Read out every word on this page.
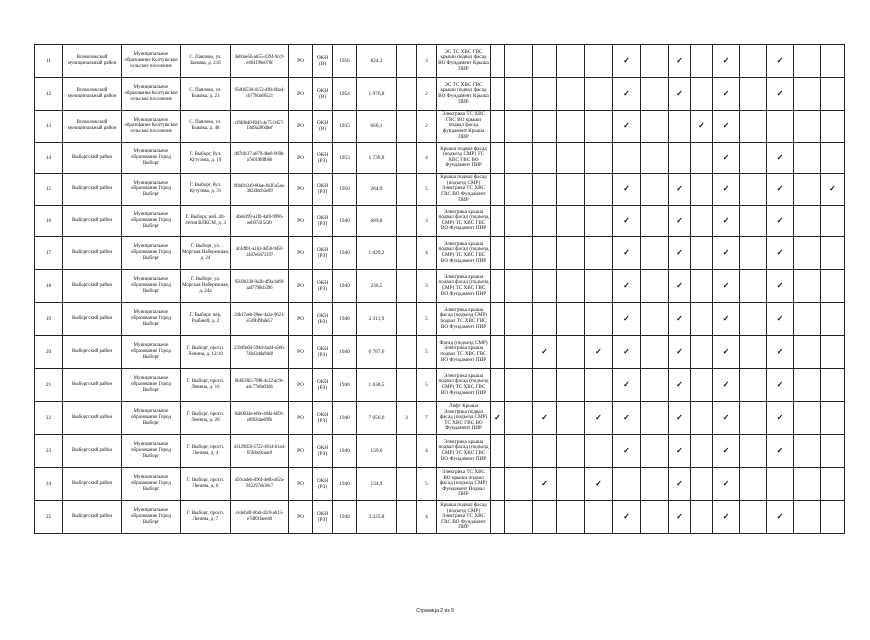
11	Всеволожский муниципальный район	Муниципальное образование Колтушское сельское поселение	С. Павлово, ул. Быкова, д. 21б	3eb6ae56-ab55-4394-9ccf-e404196e076f	РО	ОКН (В)	1956	824,3		3	ЭС ТС ХВС ГВС крыши подвал фасад ВО Фундамент Крыша ПИР						✓		✓		✓		✓		
12	Всеволожский муниципальный район	Муниципальное образование Колтушское сельское поселение	С. Павлово, ул. Быкова, д. 23	95d06530-4152-4ff4-8ba4-cb77b0a66521	РО	ОКН (В)	1954	1 976,8		2	ЭС ТС ХВС ГВС крыши подвал фасад ВО Фундамент Крыша ПИР						✓		✓		✓		✓		
13	Всеволожский муниципальный район	Муниципальное образование Колтушское сельское поселение	С. Павлово, ул. Быкова, д. 48	cf6fdb40-f843-4e75-9457-13d9a286dbef	РО	ОКН (В)	1935	660,1		2	Электрика ТС ХВС ГВС ВО крыши подвал фасад фундамент Крыша ПИР						✓			✓	✓				
14	Выборгский район	Муниципальное образование Город Выборг	Г. Выборг, бул. Кутузова, д. 10	d07bfc37-a879-4be8-969b-a7e019f0fb66	РО	ОКН (РЗ)	1953	1 739,8		4	Крыша подвал фасад (подъезд СМР) ТС ХВС ГВС ВО Фундамент ПИР										✓		✓		
15	Выборгский район	Муниципальное образование Город Выборг	Г. Выборг, бул. Кутузова, д. 31	86bfcb349-80ae-4b3f-a5aa-3824fdcb2e09	РО	ОКН (РЗ)	1950	264,9		5	Крыша подвал фасад (подъезд СМР) Электрика ТС ХВС ГВС ВО Фундамент ПИР						✓		✓		✓		✓		✓
16	Выборгский район	Муниципальное образование Город Выборг	Г. Выборг, наб. 40-летия ВЛКСМ, д. 3	40eb399-a1f0-4af0-9996-eeb97d15c20	РО	ОКН (РЗ)	1940	689,8		3	Электрика крыша подвал фасад (подъезд СМР) ТС ХВС ГВС ВО Фундамент ПИР						✓		✓		✓		✓		
17	Выборгский район	Муниципальное образование Город Выборг	Г. Выборг, ул. Морская Набережная, д. 24	4c4df01-a1b3-4d58-9d5f-14d7e6473197	РО	ОКН (РЗ)	1940	1 829,2		4	Электрика крыша подвал фасад (подъезд СМР) ТС ХВС ГВС ВО Фундамент ПИР						✓		✓		✓		✓		
18	Выборгский район	Муниципальное образование Город Выборг	Г. Выборг, ул. Морская Набережная, д. 24а	9560b238-9a3b-4f9a-bd9f-aaf7798cb396	РО	ОКН (РЗ)	1940	236,5		3	Электрика крыша подвал фасад (подъезд СМР) ТС ХВС ГВС ВО Фундамент ПИР						✓		✓		✓		✓		
19	Выборгский район	Муниципальное образование Город Выборг	Г. Выборг, пер. Рыбный, д. 2	24b17eeb-28ee-4a2e-9621-e549bf9bde57	РО	ОКН (РЗ)	1940	2 311,9		5	Электрика крыша фасад (подъезд СМР) подвал ТС ХВС ГВС ВО Фундамент ПИР						✓		✓		✓		✓		
20	Выборгский район	Муниципальное образование Город Выборг	Г. Выборг, просп. Ленина, д. 12/10	23949a04-594d-4ad4-a566-74b43dda94e8	РО	ОКН (РЗ)	1940	6 787,6		5	Фасад (подъезд СМР) Электрика крыша подвал ТС ХВС ГВС ВО Фундамент ПИР			✓		✓	✓		✓		✓		✓		
21	Выборгский район	Муниципальное образование Город Выборг	Г. Выборг, просп. Ленина, д. 16	6bfd59b5-78f8-4c22-ac9c-a4c77e8a03db	РО	ОКН (РЗ)	1940	1 638,5		5	Электрика крыша подвал фасад (подъезд СМР) ТС ХВС ГВС ВО Фундамент ПИР						✓		✓		✓		✓		
22	Выборгский район	Муниципальное образование Город Выборг	Г. Выборг, просп. Ленина, д. 20	8ab0834e-e6fe-484a-b691-e8f02dae69fb	РО	ОКН (РЗ)	1940	7 056,0	3	7	Лифт Крыша Электрика подвал фасад (подъезд СМР) ТС ХВС ГВС ВО Фундамент ПИР	✓		✓		✓	✓		✓		✓		✓		
23	Выборгский район	Муниципальное образование Город Выборг	Г. Выборг, просп. Ленина, д. 4	43129d59-2722-4614-b1a4-65fcbe9caac0	РО	ОКН (РЗ)	1940	139,6		4	Электрика крыша подвал фасад (подъезд СМР) ТС ХВС ГВС ВО Фундамент ПИР						✓		✓		✓		✓		
24	Выборгский район	Муниципальное образование Город Выборг	Г. Выборг, просп. Ленина, д. 6	456cadeb-096f-4e6b-a02a-942297eb38c7	РО	ОКН (РЗ)	1940	134,9		5	Электрика ТС ХВС ВО крыши подвал фасад (подъезд СМР) Фундамент Подвал ПИР			✓		✓			✓		✓				
25	Выборгский район	Муниципальное образование Город Выборг	Г. Выборг, просп. Ленина, д. 7	ce3efa0f-6fad-42c8-ab15-e7df01faee40	РО	ОКН (РЗ)	1949	3 225,8		4	Крыша подвал фасад (подъезд СМР) Электрика ТС ХВС ГВС ВО Фундамент ПИР						✓		✓		✓		✓		
Страница 2 из 9
